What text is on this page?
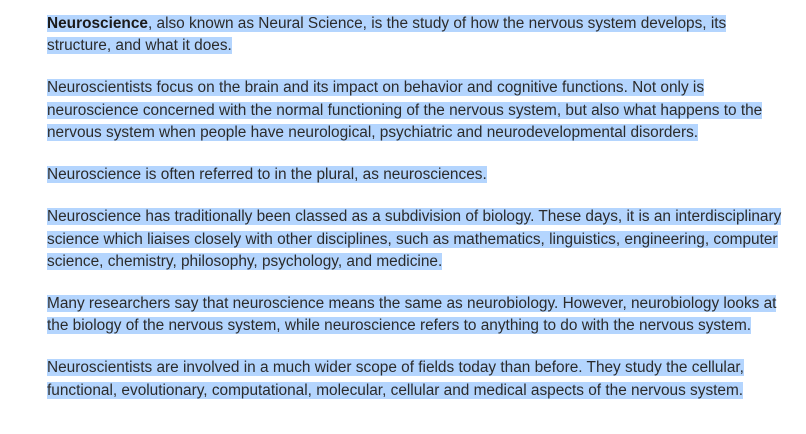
Neuroscience, also known as Neural Science, is the study of how the nervous system develops, its structure, and what it does.

Neuroscientists focus on the brain and its impact on behavior and cognitive functions. Not only is neuroscience concerned with the normal functioning of the nervous system, but also what happens to the nervous system when people have neurological, psychiatric and neurodevelopmental disorders.

Neuroscience is often referred to in the plural, as neurosciences.

Neuroscience has traditionally been classed as a subdivision of biology. These days, it is an interdisciplinary science which liaises closely with other disciplines, such as mathematics, linguistics, engineering, computer science, chemistry, philosophy, psychology, and medicine.

Many researchers say that neuroscience means the same as neurobiology. However, neurobiology looks at the biology of the nervous system, while neuroscience refers to anything to do with the nervous system.

Neuroscientists are involved in a much wider scope of fields today than before. They study the cellular, functional, evolutionary, computational, molecular, cellular and medical aspects of the nervous system.
